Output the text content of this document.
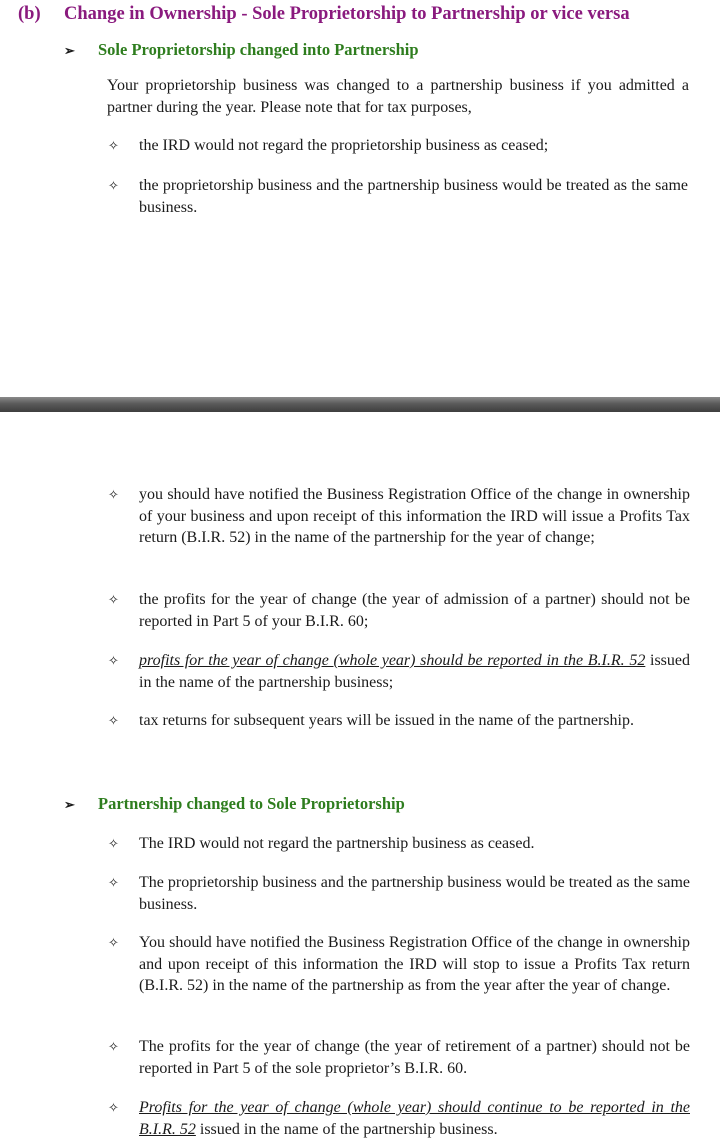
(b) Change in Ownership - Sole Proprietorship to Partnership or vice versa
➢ Sole Proprietorship changed into Partnership
Your proprietorship business was changed to a partnership business if you admitted a partner during the year. Please note that for tax purposes,
✧ the IRD would not regard the proprietorship business as ceased;
✧ the proprietorship business and the partnership business would be treated as the same business.
✧ you should have notified the Business Registration Office of the change in ownership of your business and upon receipt of this information the IRD will issue a Profits Tax return (B.I.R. 52) in the name of the partnership for the year of change;
✧ the profits for the year of change (the year of admission of a partner) should not be reported in Part 5 of your B.I.R. 60;
✧ profits for the year of change (whole year) should be reported in the B.I.R. 52 issued in the name of the partnership business;
✧ tax returns for subsequent years will be issued in the name of the partnership.
➢ Partnership changed to Sole Proprietorship
✧ The IRD would not regard the partnership business as ceased.
✧ The proprietorship business and the partnership business would be treated as the same business.
✧ You should have notified the Business Registration Office of the change in ownership and upon receipt of this information the IRD will stop to issue a Profits Tax return (B.I.R. 52) in the name of the partnership as from the year after the year of change.
✧ The profits for the year of change (the year of retirement of a partner) should not be reported in Part 5 of the sole proprietor’s B.I.R. 60.
✧ Profits for the year of change (whole year) should continue to be reported in the B.I.R. 52 issued in the name of the partnership business.
